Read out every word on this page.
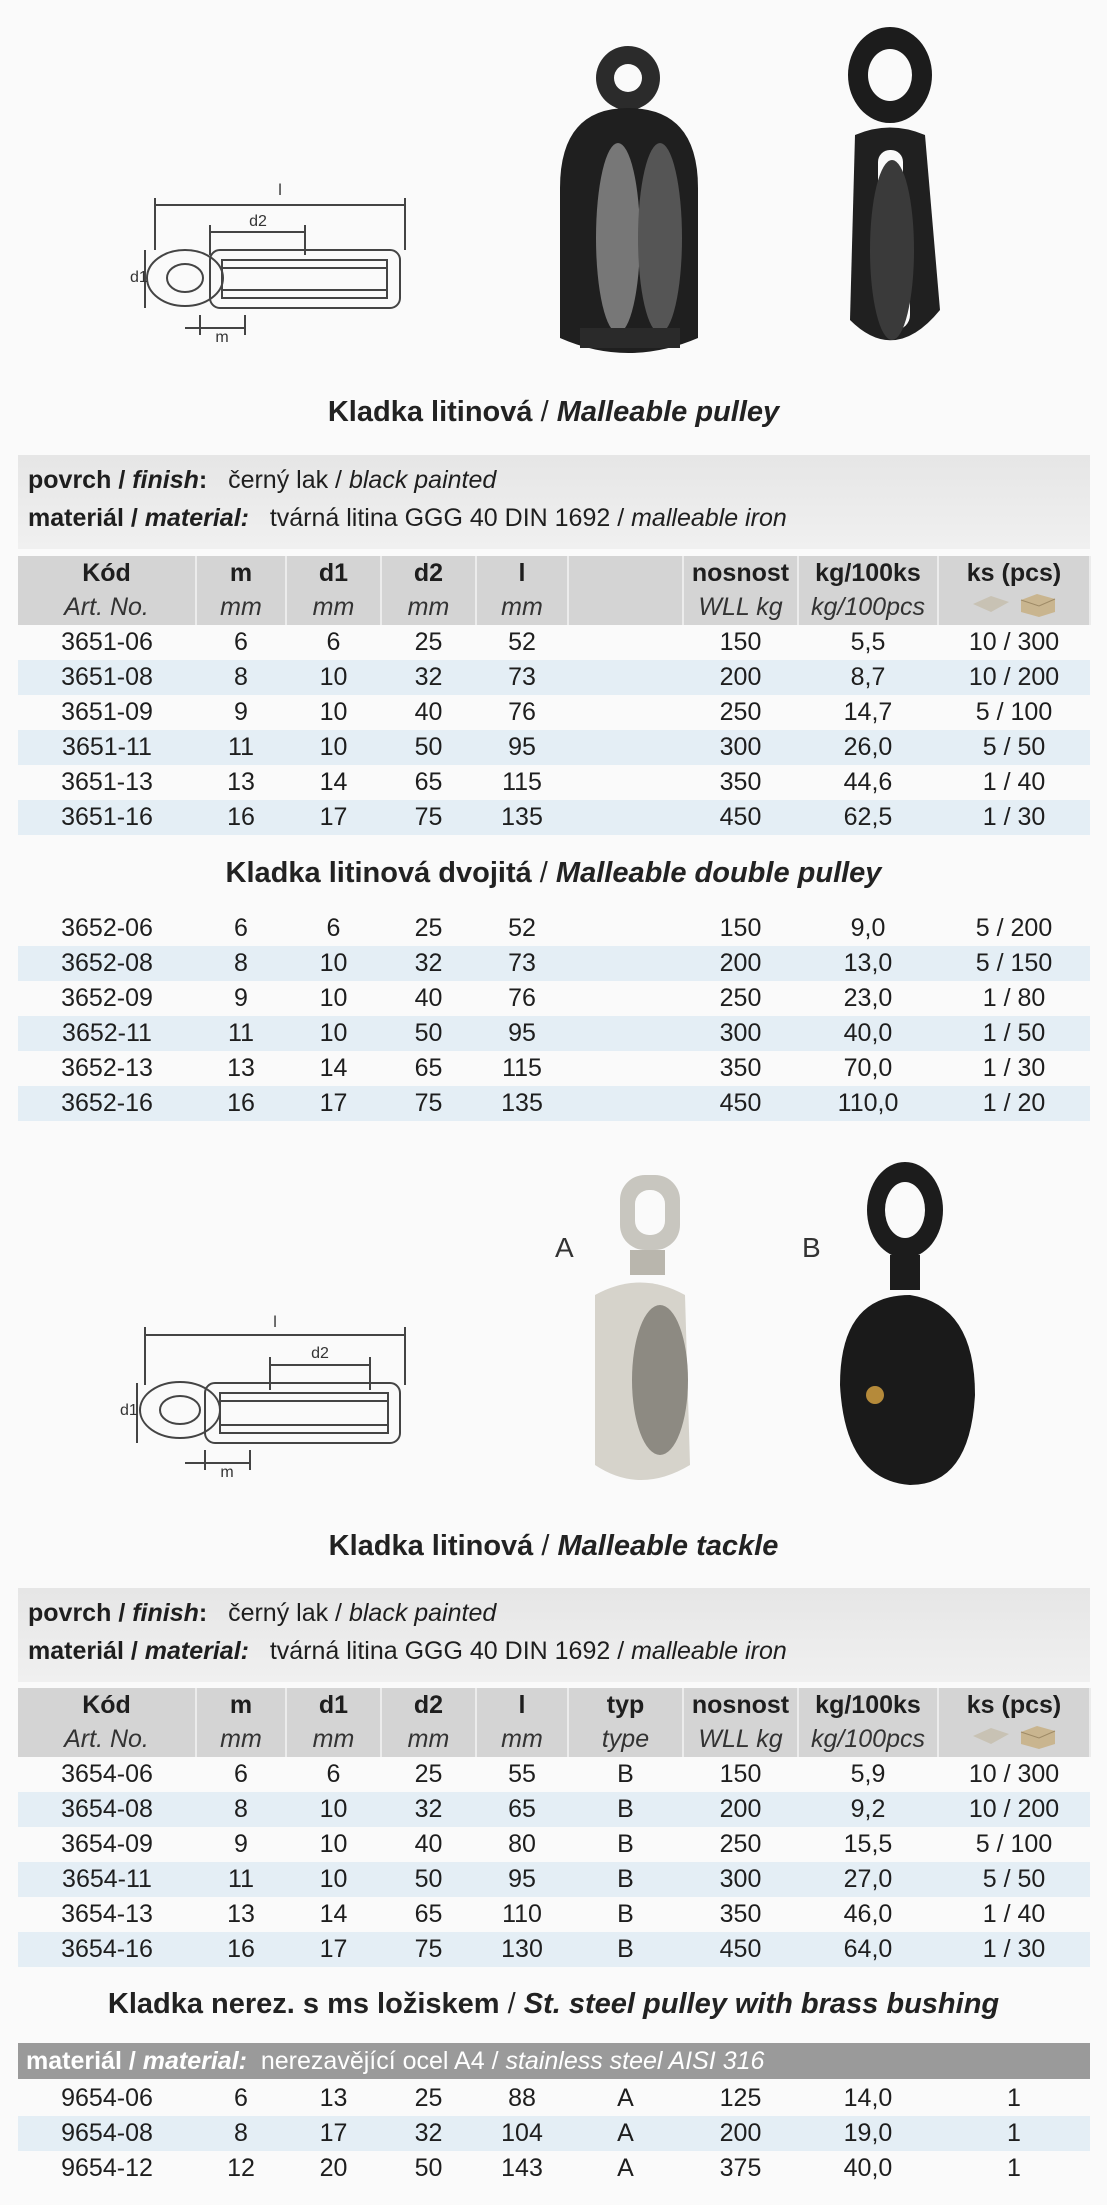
l
d2
d1
m
Kladka litinová / Malleable pulley
povrch / finish: černý lak / black painted
materiál / material: tvárná litina GGG 40 DIN 1692 / malleable iron
Kód	m	d1	d2	l		nosnost	kg/100ks	ks (pcs)
Art. No.	mm	mm	mm	mm		WLL kg	kg/100pcs	
3651-06	6	6	25	52		150	5,5	10 / 300
3651-08	8	10	32	73		200	8,7	10 / 200
3651-09	9	10	40	76		250	14,7	5 / 100
3651-11	11	10	50	95		300	26,0	5 / 50
3651-13	13	14	65	115		350	44,6	1 / 40
3651-16	16	17	75	135		450	62,5	1 / 30
Kladka litinová dvojitá / Malleable double pulley
3652-06	6	6	25	52		150	9,0	5 / 200
3652-08	8	10	32	73		200	13,0	5 / 150
3652-09	9	10	40	76		250	23,0	1 / 80
3652-11	11	10	50	95		300	40,0	1 / 50
3652-13	13	14	65	115		350	70,0	1 / 30
3652-16	16	17	75	135		450	110,0	1 / 20
l
d2
d1
m
A	B
Kladka litinová / Malleable tackle
povrch / finish: černý lak / black painted
materiál / material: tvárná litina GGG 40 DIN 1692 / malleable iron
Kód	m	d1	d2	l	typ	nosnost	kg/100ks	ks (pcs)
Art. No.	mm	mm	mm	mm	type	WLL kg	kg/100pcs	
3654-06	6	6	25	55	B	150	5,9	10 / 300
3654-08	8	10	32	65	B	200	9,2	10 / 200
3654-09	9	10	40	80	B	250	15,5	5 / 100
3654-11	11	10	50	95	B	300	27,0	5 / 50
3654-13	13	14	65	110	B	350	46,0	1 / 40
3654-16	16	17	75	130	B	450	64,0	1 / 30
Kladka nerez. s ms ložiskem / St. steel pulley with brass bushing
materiál / material: nerezavějící ocel A4 / stainless steel AISI 316
9654-06	6	13	25	88	A	125	14,0	1
9654-08	8	17	32	104	A	200	19,0	1
9654-12	12	20	50	143	A	375	40,0	1
